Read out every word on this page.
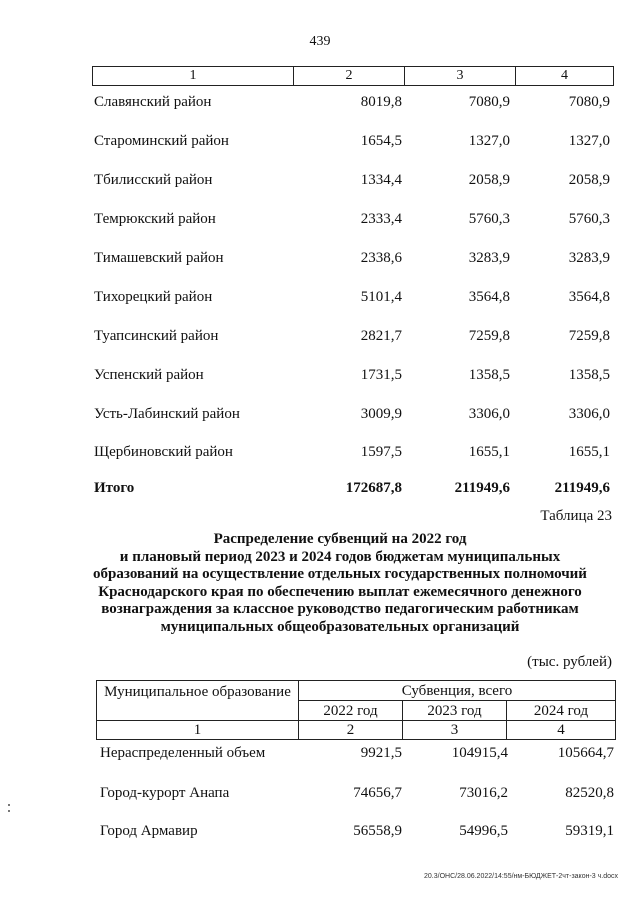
439
1	2	3	4
Славянский район	8019,8	7080,9	7080,9
Староминский район	1654,5	1327,0	1327,0
Тбилисский район	1334,4	2058,9	2058,9
Темрюкский район	2333,4	5760,3	5760,3
Тимашевский район	2338,6	3283,9	3283,9
Тихорецкий район	5101,4	3564,8	3564,8
Туапсинский район	2821,7	7259,8	7259,8
Успенский район	1731,5	1358,5	1358,5
Усть-Лабинский район	3009,9	3306,0	3306,0
Щербиновский район	1597,5	1655,1	1655,1
Итого	172687,8	211949,6	211949,6
Таблица 23
Распределение субвенций на 2022 год
и плановый период 2023 и 2024 годов бюджетам муниципальных
образований на осуществление отдельных государственных полномочий
Краснодарского края по обеспечению выплат ежемесячного денежного
вознаграждения за классное руководство педагогическим работникам
муниципальных общеобразовательных организаций
(тыс. рублей)
Муниципальное образование	Субвенция, всего
2022 год	2023 год	2024 год
1	2	3	4
Нераспределенный объем	9921,5	104915,4	105664,7
Город-курорт Анапа	74656,7	73016,2	82520,8
Город Армавир	56558,9	54996,5	59319,1
20.3/ОНС/28.06.2022/14:55/нм-БЮДЖЕТ-2чт-закон-3 ч.docx
